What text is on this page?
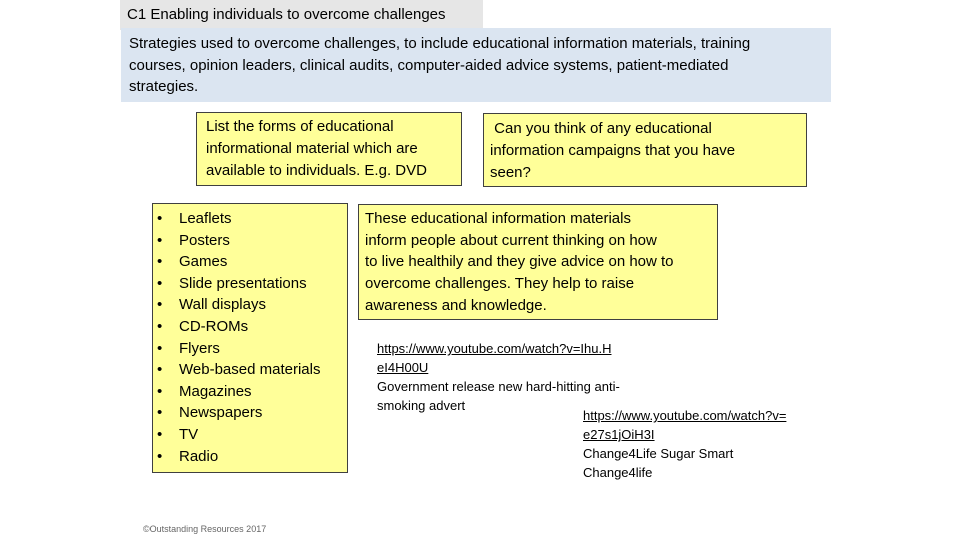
C1 Enabling individuals to overcome challenges
Strategies used to overcome challenges, to include educational information materials, training
courses, opinion leaders, clinical audits, computer-aided advice systems, patient-mediated
strategies.
List the forms of educational
informational material which are
available to individuals. E.g. DVD
Can you think of any educational
information campaigns that you have
seen?
• Leaflets
• Posters
• Games
• Slide presentations
• Wall displays
• CD-ROMs
• Flyers
• Web-based materials
• Magazines
• Newspapers
• TV
• Radio
These educational information materials
inform people about current thinking on how
to live healthily and they give advice on how to
overcome challenges. They help to raise
awareness and knowledge.
https://www.youtube.com/watch?v=Ihu.H
eI4H00U
Government release new hard-hitting anti-
smoking advert
https://www.youtube.com/watch?v=
e27s1jOiH3I
Change4Life Sugar Smart
Change4life
©Outstanding Resources 2017
